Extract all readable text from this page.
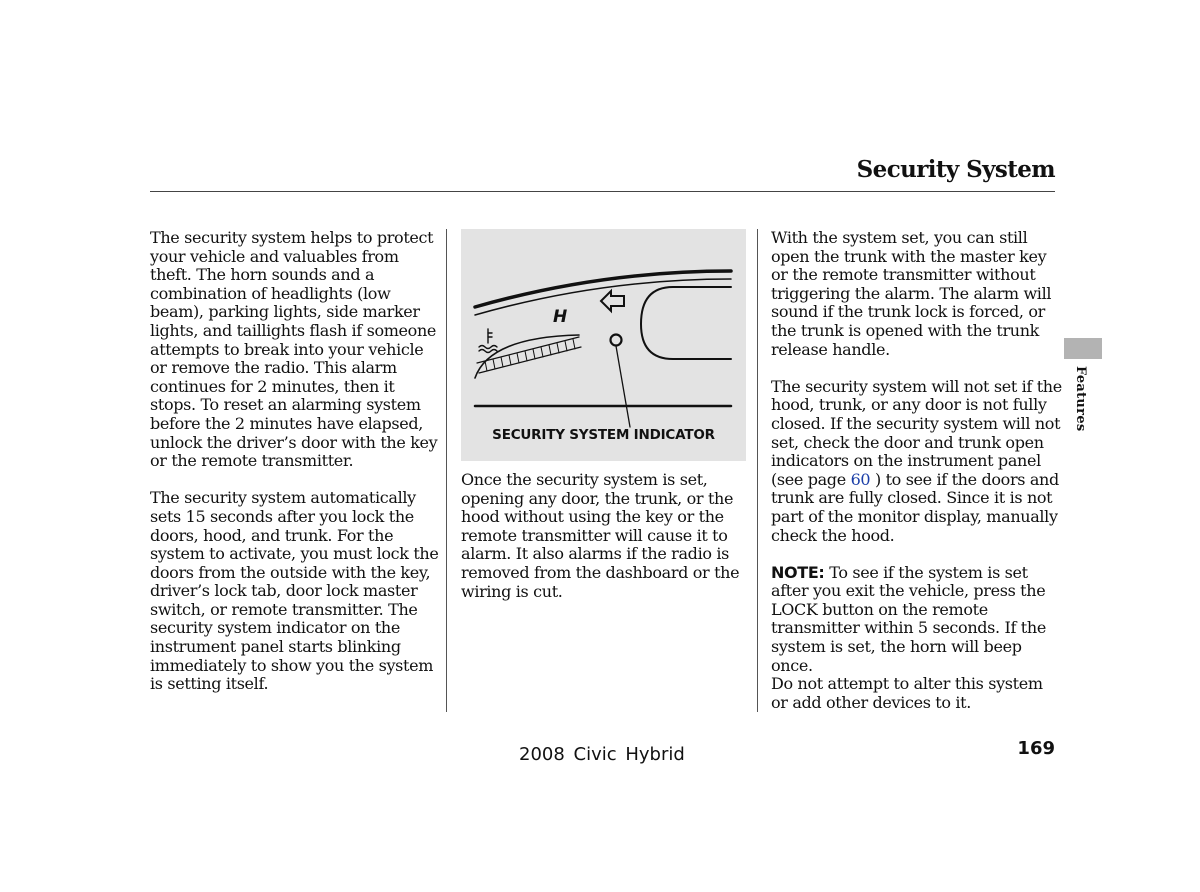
Security System

The security system helps to protect your vehicle and valuables from theft. The horn sounds and a combination of headlights (low beam), parking lights, side marker lights, and taillights flash if someone attempts to break into your vehicle or remove the radio. This alarm continues for 2 minutes, then it stops. To reset an alarming system before the 2 minutes have elapsed, unlock the driver’s door with the key or the remote transmitter.

The security system automatically sets 15 seconds after you lock the doors, hood, and trunk. For the system to activate, you must lock the doors from the outside with the key, driver’s lock tab, door lock master switch, or remote transmitter. The security system indicator on the instrument panel starts blinking immediately to show you the system is setting itself.

H
SECURITY SYSTEM INDICATOR

Once the security system is set, opening any door, the trunk, or the hood without using the key or the remote transmitter will cause it to alarm. It also alarms if the radio is removed from the dashboard or the wiring is cut.

With the system set, you can still open the trunk with the master key or the remote transmitter without triggering the alarm. The alarm will sound if the trunk lock is forced, or the trunk is opened with the trunk release handle.

The security system will not set if the hood, trunk, or any door is not fully closed. If the security system will not set, check the door and trunk open indicators on the instrument panel (see page 60 ) to see if the doors and trunk are fully closed. Since it is not part of the monitor display, manually check the hood.

NOTE: To see if the system is set after you exit the vehicle, press the LOCK button on the remote transmitter within 5 seconds. If the system is set, the horn will beep once.

Do not attempt to alter this system or add other devices to it.

Features
2008 Civic Hybrid	169
